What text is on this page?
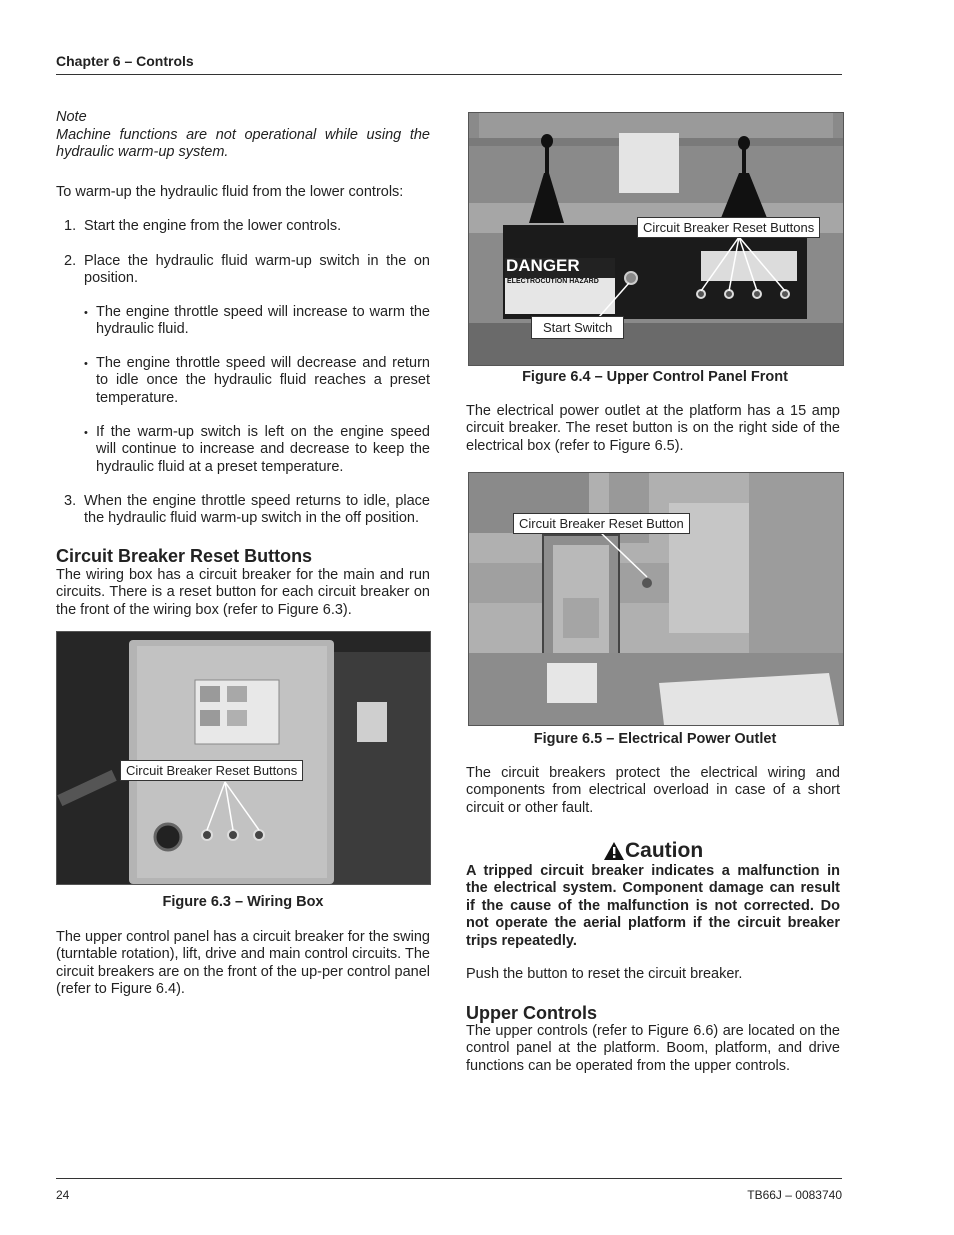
Chapter 6 – Controls
Note
Machine functions are not operational while using the hydraulic warm-up system.
To warm-up the hydraulic fluid from the lower controls:
1. Start the engine from the lower controls.
2. Place the hydraulic fluid warm-up switch in the on position.
• The engine throttle speed will increase to warm the hydraulic fluid.
• The engine throttle speed will decrease and return to idle once the hydraulic fluid reaches a preset temperature.
• If the warm-up switch is left on the engine speed will continue to increase and decrease to keep the hydraulic fluid at a preset temperature.
3. When the engine throttle speed returns to idle, place the hydraulic fluid warm-up switch in the off position.
Circuit Breaker Reset Buttons
The wiring box has a circuit breaker for the main and run circuits. There is a reset button for each circuit breaker on the front of the wiring box (refer to Figure 6.3).
Circuit Breaker Reset Buttons
Figure 6.3 – Wiring Box
The upper control panel has a circuit breaker for the swing (turntable rotation), lift, drive and main control circuits. The circuit breakers are on the front of the up-per control panel (refer to Figure 6.4).
DANGER
ELECTROCUTION HAZARD
Circuit Breaker Reset Buttons
Start Switch
Figure 6.4 – Upper Control Panel Front
The electrical power outlet at the platform has a 15 amp circuit breaker. The reset button is on the right side of the electrical box (refer to Figure 6.5).
Circuit Breaker Reset Button
Figure 6.5 – Electrical Power Outlet
The circuit breakers protect the electrical wiring and components from electrical overload in case of a short circuit or other fault.
Caution
A tripped circuit breaker indicates a malfunction in the electrical system. Component damage can result if the cause of the malfunction is not corrected. Do not operate the aerial platform if the circuit breaker trips repeatedly.
Push the button to reset the circuit breaker.
Upper Controls
The upper controls (refer to Figure 6.6) are located on the control panel at the platform. Boom, platform, and drive functions can be operated from the upper controls.
24	TB66J – 0083740
